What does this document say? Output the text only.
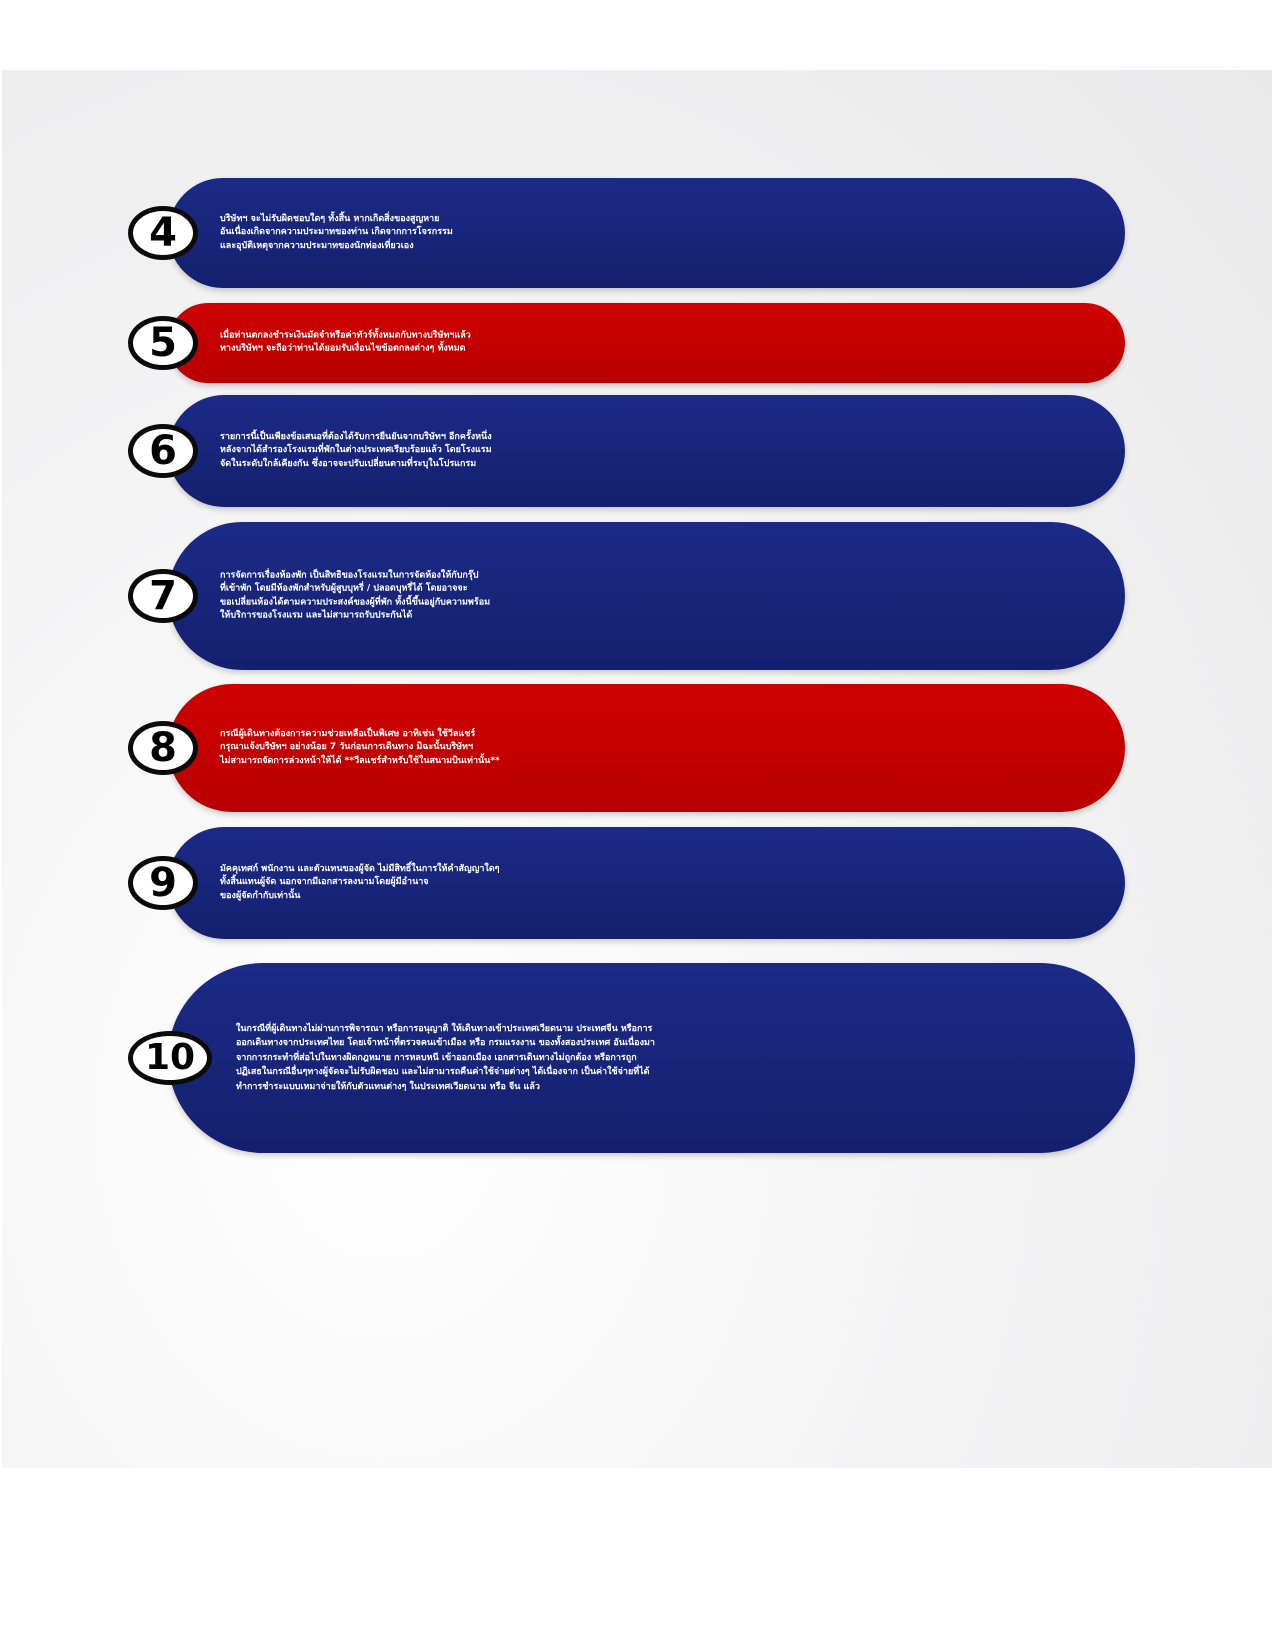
4	บริษัทฯ จะไม่รับผิดชอบใดๆ ทั้งสิ้น หากเกิดสิ่งของสูญหาย
อันเนื่องเกิดจากความประมาทของท่าน เกิดจากการโจรกรรม
และอุบัติเหตุจากความประมาทของนักท่องเที่ยวเอง
5	เมื่อท่านตกลงชำระเงินมัดจำหรือค่าทัวร์ทั้งหมดกับทางบริษัทฯแล้ว
ทางบริษัทฯ จะถือว่าท่านได้ยอมรับเงื่อนไขข้อตกลงต่างๆ ทั้งหมด
6	รายการนี้เป็นเพียงข้อเสนอที่ต้องได้รับการยืนยันจากบริษัทฯ อีกครั้งหนึ่ง
หลังจากได้สำรองโรงแรมที่พักในต่างประเทศเรียบร้อยแล้ว โดยโรงแรม
จัดในระดับใกล้เคียงกัน ซึ่งอาจจะปรับเปลี่ยนตามที่ระบุในโปรแกรม
7	การจัดการเรื่องห้องพัก เป็นสิทธิของโรงแรมในการจัดห้องให้กับกรุ๊ป
ที่เข้าพัก โดยมีห้องพักสำหรับผู้สูบบุหรี่ / ปลอดบุหรี่ได้ โดยอาจจะ
ขอเปลี่ยนห้องได้ตามความประสงค์ของผู้ที่พัก ทั้งนี้ขึ้นอยู่กับความพร้อม
ให้บริการของโรงแรม และไม่สามารถรับประกันได้
8	กรณีผู้เดินทางต้องการความช่วยเหลือเป็นพิเศษ อาทิเช่น ใช้วีลแชร์
กรุณาแจ้งบริษัทฯ อย่างน้อย 7 วันก่อนการเดินทาง มิฉะนั้นบริษัทฯ
ไม่สามารถจัดการล่วงหน้าให้ได้ **วีลแชร์สำหรับใช้ในสนามบินเท่านั้น**
9	มัคคุเทศก์ พนักงาน และตัวแทนของผู้จัด ไม่มีสิทธิ์ในการให้คำสัญญาใดๆ
ทั้งสิ้นแทนผู้จัด นอกจากมีเอกสารลงนามโดยผู้มีอำนาจ
ของผู้จัดกำกับเท่านั้น
10
ในกรณีที่ผู้เดินทางไม่ผ่านการพิจารณา หรือการอนุญาติ ให้เดินทางเข้าประเทศเวียดนาม ประเทศจีน หรือการ
ออกเดินทางจากประเทศไทย โดยเจ้าหน้าที่ตรวจคนเข้าเมือง หรือ กรมแรงงาน ของทั้งสองประเทศ อันเนื่องมา
จากการกระทำที่ส่อไปในทางผิดกฎหมาย การหลบหนี เข้าออกเมือง เอกสารเดินทางไม่ถูกต้อง หรือการถูก
ปฏิเสธในกรณีอื่นๆทางผู้จัดจะไม่รับผิดชอบ และไม่สามารถคืนค่าใช้จ่ายต่างๆ ได้เนื่องจาก เป็นค่าใช้จ่ายที่ได้
ทำการชำระแบบเหมาจ่ายให้กับตัวแทนต่างๆ ในประเทศเวียดนาม หรือ จีน แล้ว
